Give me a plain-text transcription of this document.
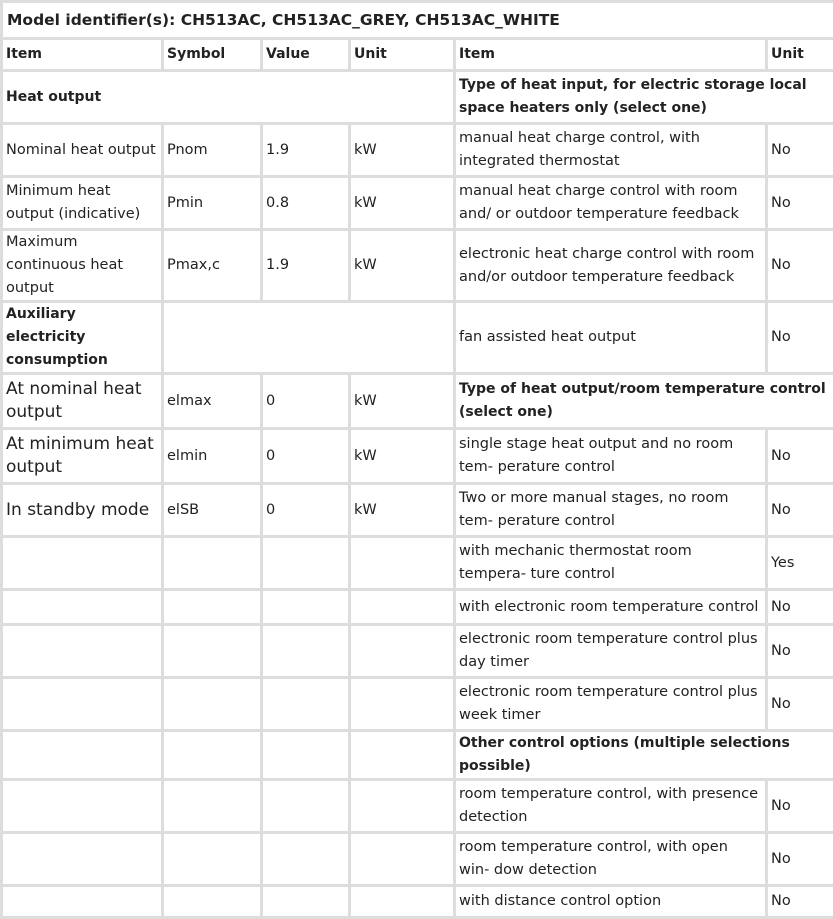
Model identifier(s): CH513AC, CH513AC_GREY, CH513AC_WHITE					
Item	Symbol	Value	Unit	Item	Unit
Heat output				Type of heat input, for electric storage local space heaters only (select one)	
Nominal heat output	Pnom	1.9	kW	manual heat charge control, with integrated thermostat	No
Minimum heat output (indicative)	Pmin	0.8	kW	manual heat charge control with room and/ or outdoor temperature feedback	No
Maximum continuous heat output	Pmax,c	1.9	kW	electronic heat charge control with room and/or outdoor temperature feedback	No
Auxiliary electricity consumption				fan assisted heat output	No
At nominal heat output	elmax	0	kW	Type of heat output/room temperature control (select one)	
At minimum heat output	elmin	0	kW	single stage heat output and no room tem- perature control	No
In standby mode	elSB	0	kW	Two or more manual stages, no room tem- perature control	No
				with mechanic thermostat room tempera- ture control	Yes
				with electronic room temperature control	No
				electronic room temperature control plus day timer	No
				electronic room temperature control plus week timer	No
				Other control options (multiple selections possible)	
				room temperature control, with presence detection	No
				room temperature control, with open win- dow detection	No
				with distance control option	No
